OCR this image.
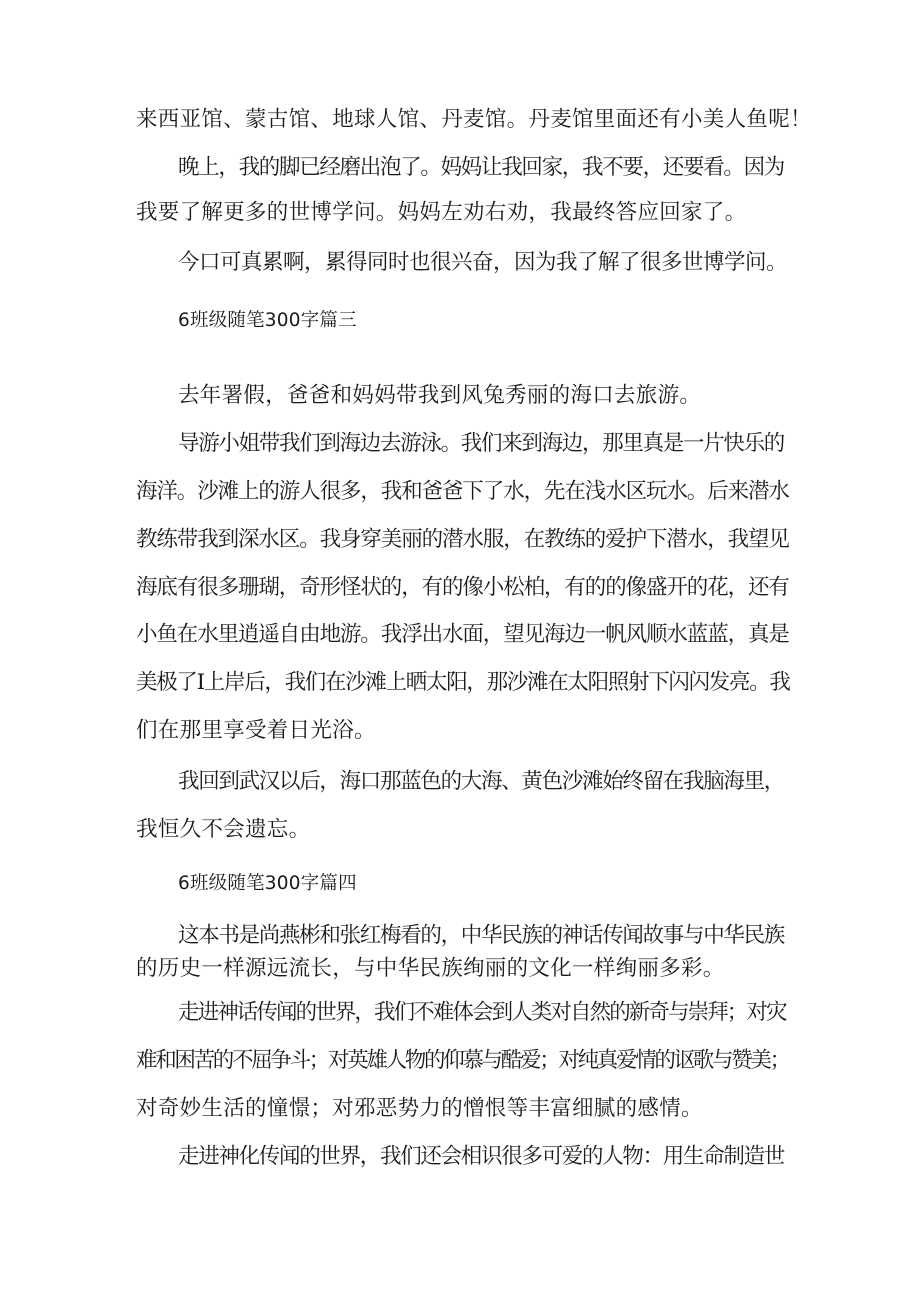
来西亚馆、蒙古馆、地球人馆、丹麦馆。丹麦馆里面还有小美人鱼呢！
晚上，我的脚已经磨出泡了。妈妈让我回家，我不要，还要看。因为
我要了解更多的世博学问。妈妈左劝右劝，我最终答应回家了。
今口可真累啊，累得同时也很兴奋，因为我了解了很多世博学问。
6班级随笔300字篇三
去年署假，爸爸和妈妈带我到风兔秀丽的海口去旅游。
导游小姐带我们到海边去游泳。我们来到海边，那里真是一片快乐的
海洋。沙滩上的游人很多，我和爸爸下了水，先在浅水区玩水。后来潜水
教练带我到深水区。我身穿美丽的潜水服，在教练的爱护下潜水，我望见
海底有很多珊瑚，奇形怪状的，有的像小松柏，有的的像盛开的花，还有
小鱼在水里逍遥自由地游。我浮出水面，望见海边一帆风顺水蓝蓝，真是
美极了I上岸后，我们在沙滩上晒太阳，那沙滩在太阳照射下闪闪发亮。我
们在那里享受着日光浴。
我回到武汉以后，海口那蓝色的大海、黄色沙滩始终留在我脑海里，
我恒久不会遗忘。
6班级随笔300字篇四
这本书是尚燕彬和张红梅看的，中华民族的神话传闻故事与中华民族
的历史一样源远流长，与中华民族绚丽的文化一样绚丽多彩。
走进神话传闻的世界，我们不难体会到人类对自然的新奇与崇拜；对灾
难和困苦的不屈争斗；对英雄人物的仰慕与酷爱；对纯真爱情的讴歌与赞美；
对奇妙生活的憧憬；对邪恶势力的憎恨等丰富细腻的感情。
走进神化传闻的世界，我们还会相识很多可爱的人物：用生命制造世
